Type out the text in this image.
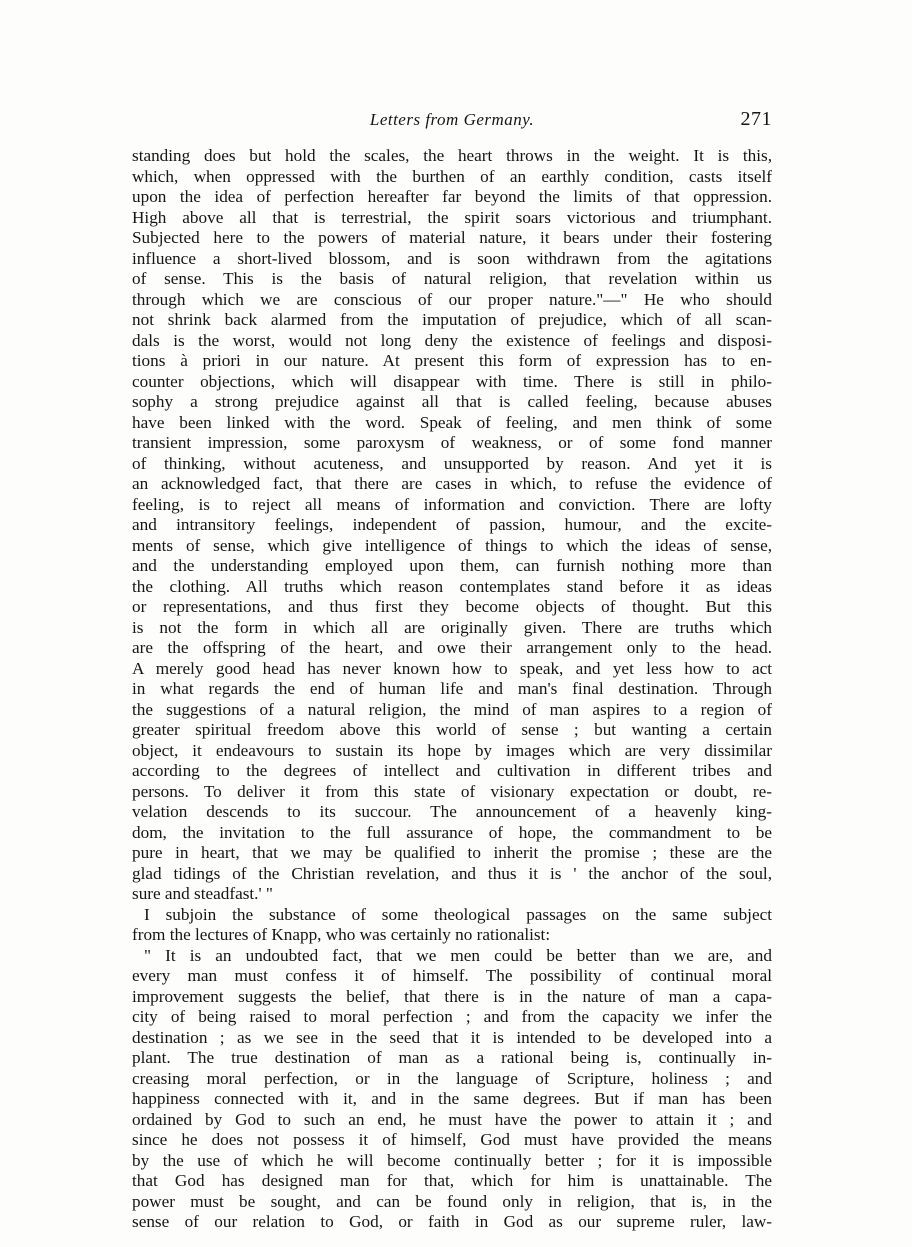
Letters from Germany.	271
standing does but hold the scales, the heart throws in the weight. It is this,
which, when oppressed with the burthen of an earthly condition, casts itself
upon the idea of perfection hereafter far beyond the limits of that oppression.
High above all that is terrestrial, the spirit soars victorious and triumphant.
Subjected here to the powers of material nature, it bears under their fostering
influence a short-lived blossom, and is soon withdrawn from the agitations
of sense. This is the basis of natural religion, that revelation within us
through which we are conscious of our proper nature."—" He who should
not shrink back alarmed from the imputation of prejudice, which of all scan-
dals is the worst, would not long deny the existence of feelings and disposi-
tions à priori in our nature. At present this form of expression has to en-
counter objections, which will disappear with time. There is still in philo-
sophy a strong prejudice against all that is called feeling, because abuses
have been linked with the word. Speak of feeling, and men think of some
transient impression, some paroxysm of weakness, or of some fond manner
of thinking, without acuteness, and unsupported by reason. And yet it is
an acknowledged fact, that there are cases in which, to refuse the evidence of
feeling, is to reject all means of information and conviction. There are lofty
and intransitory feelings, independent of passion, humour, and the excite-
ments of sense, which give intelligence of things to which the ideas of sense,
and the understanding employed upon them, can furnish nothing more than
the clothing. All truths which reason contemplates stand before it as ideas
or representations, and thus first they become objects of thought. But this
is not the form in which all are originally given. There are truths which
are the offspring of the heart, and owe their arrangement only to the head.
A merely good head has never known how to speak, and yet less how to act
in what regards the end of human life and man's final destination. Through
the suggestions of a natural religion, the mind of man aspires to a region of
greater spiritual freedom above this world of sense ; but wanting a certain
object, it endeavours to sustain its hope by images which are very dissimilar
according to the degrees of intellect and cultivation in different tribes and
persons. To deliver it from this state of visionary expectation or doubt, re-
velation descends to its succour. The announcement of a heavenly king-
dom, the invitation to the full assurance of hope, the commandment to be
pure in heart, that we may be qualified to inherit the promise ; these are the
glad tidings of the Christian revelation, and thus it is ' the anchor of the soul,
sure and steadfast.' "
I subjoin the substance of some theological passages on the same subject
from the lectures of Knapp, who was certainly no rationalist:
" It is an undoubted fact, that we men could be better than we are, and
every man must confess it of himself. The possibility of continual moral
improvement suggests the belief, that there is in the nature of man a capa-
city of being raised to moral perfection ; and from the capacity we infer the
destination ; as we see in the seed that it is intended to be developed into a
plant. The true destination of man as a rational being is, continually in-
creasing moral perfection, or in the language of Scripture, holiness ; and
happiness connected with it, and in the same degrees. But if man has been
ordained by God to such an end, he must have the power to attain it ; and
since he does not possess it of himself, God must have provided the means
by the use of which he will become continually better ; for it is impossible
that God has designed man for that, which for him is unattainable. The
power must be sought, and can be found only in religion, that is, in the
sense of our relation to God, or faith in God as our supreme ruler, law-
